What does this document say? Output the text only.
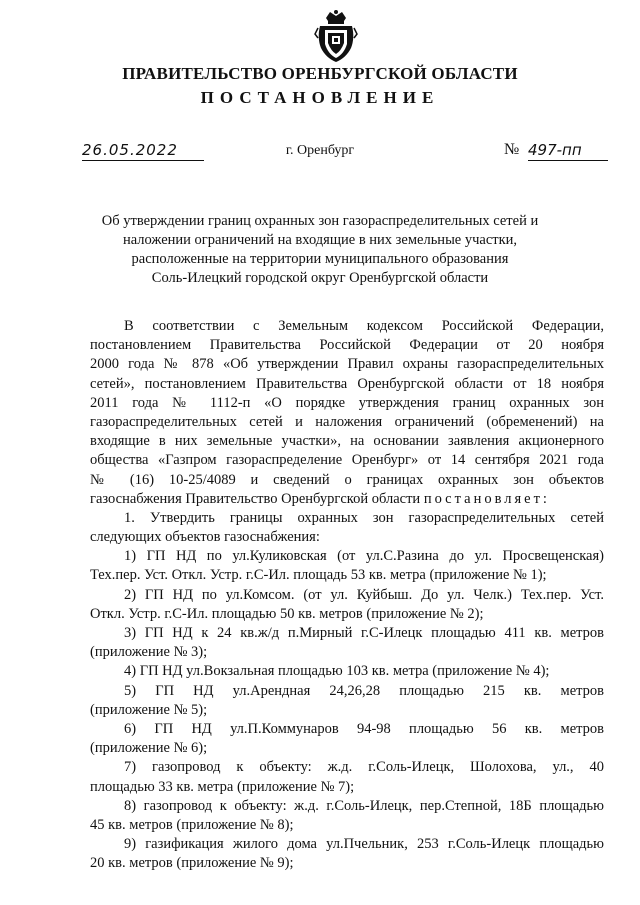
ПРАВИТЕЛЬСТВО ОРЕНБУРГСКОЙ ОБЛАСТИ
ПОСТАНОВЛЕНИЕ
26.05.2022	г. Оренбург	№ 497-пп
Об утверждении границ охранных зон газораспределительных сетей и
наложении ограничений на входящие в них земельные участки,
расположенные на территории муниципального образования
Соль-Илецкий городской округ Оренбургской области
В соответствии с Земельным кодексом Российской Федерации,
постановлением Правительства Российской Федерации от 20 ноября
2000 года № 878 «Об утверждении Правил охраны газораспределительных
сетей», постановлением Правительства Оренбургской области от 18 ноября
2011 года № 1112-п «О порядке утверждения границ охранных зон
газораспределительных сетей и наложения ограничений (обременений) на
входящие в них земельные участки», на основании заявления акционерного
общества «Газпром газораспределение Оренбург» от 14 сентября 2021 года
№ (16) 10-25/4089 и сведений о границах охранных зон объектов
газоснабжения Правительство Оренбургской области постановляет:
1. Утвердить границы охранных зон газораспределительных сетей
следующих объектов газоснабжения:
1) ГП НД по ул.Куликовская (от ул.С.Разина до ул. Просвещенская)
Тех.пер. Уст. Откл. Устр. г.С-Ил. площадь 53 кв. метра (приложение № 1);
2) ГП НД по ул.Комсом. (от ул. Куйбыш. До ул. Челк.) Тех.пер. Уст.
Откл. Устр. г.С-Ил. площадью 50 кв. метров (приложение № 2);
3) ГП НД к 24 кв.ж/д п.Мирный г.С-Илецк площадью 411 кв. метров
(приложение № 3);
4) ГП НД ул.Вокзальная площадью 103 кв. метра (приложение № 4);
5) ГП НД ул.Арендная 24,26,28 площадью 215 кв. метров
(приложение № 5);
6) ГП НД ул.П.Коммунаров 94-98 площадью 56 кв. метров
(приложение № 6);
7) газопровод к объекту: ж.д. г.Соль-Илецк, Шолохова, ул., 40
площадью 33 кв. метра (приложение № 7);
8) газопровод к объекту: ж.д. г.Соль-Илецк, пер.Степной, 18Б площадью
45 кв. метров (приложение № 8);
9) газификация жилого дома ул.Пчельник, 253 г.Соль-Илецк площадью
20 кв. метров (приложение № 9);
